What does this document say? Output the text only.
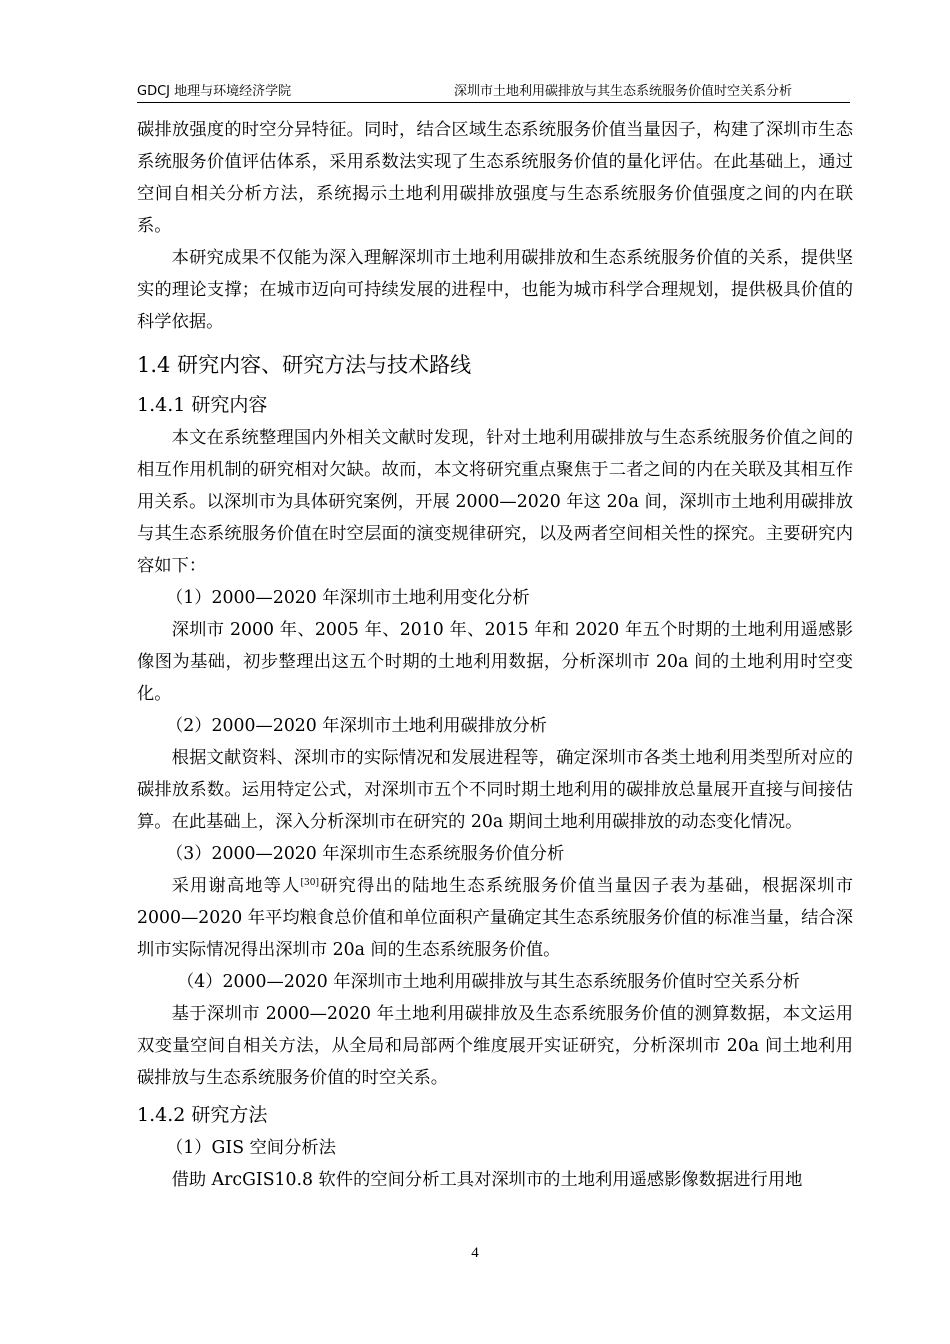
GDCJ 地理与环境经济学院	深圳市土地利用碳排放与其生态系统服务价值时空关系分析

碳排放强度的时空分异特征。同时，结合区域生态系统服务价值当量因子，构建了深圳市生态系统服务价值评估体系，采用系数法实现了生态系统服务价值的量化评估。在此基础上，通过空间自相关分析方法，系统揭示土地利用碳排放强度与生态系统服务价值强度之间的内在联系。

本研究成果不仅能为深入理解深圳市土地利用碳排放和生态系统服务价值的关系，提供坚实的理论支撑；在城市迈向可持续发展的进程中，也能为城市科学合理规划，提供极具价值的科学依据。

1.4 研究内容、研究方法与技术路线
1.4.1 研究内容

本文在系统整理国内外相关文献时发现，针对土地利用碳排放与生态系统服务价值之间的相互作用机制的研究相对欠缺。故而，本文将研究重点聚焦于二者之间的内在关联及其相互作用关系。以深圳市为具体研究案例，开展 2000—2020 年这 20a 间，深圳市土地利用碳排放与其生态系统服务价值在时空层面的演变规律研究，以及两者空间相关性的探究。主要研究内容如下：

（1）2000—2020 年深圳市土地利用变化分析

深圳市 2000 年、2005 年、2010 年、2015 年和 2020 年五个时期的土地利用遥感影像图为基础，初步整理出这五个时期的土地利用数据，分析深圳市 20a 间的土地利用时空变化。

（2）2000—2020 年深圳市土地利用碳排放分析

根据文献资料、深圳市的实际情况和发展进程等，确定深圳市各类土地利用类型所对应的碳排放系数。运用特定公式，对深圳市五个不同时期土地利用的碳排放总量展开直接与间接估算。在此基础上，深入分析深圳市在研究的 20a 期间土地利用碳排放的动态变化情况。

（3）2000—2020 年深圳市生态系统服务价值分析

采用谢高地等人[30]研究得出的陆地生态系统服务价值当量因子表为基础，根据深圳市 2000—2020 年平均粮食总价值和单位面积产量确定其生态系统服务价值的标准当量，结合深圳市实际情况得出深圳市 20a 间的生态系统服务价值。

（4）2000—2020 年深圳市土地利用碳排放与其生态系统服务价值时空关系分析

基于深圳市 2000—2020 年土地利用碳排放及生态系统服务价值的测算数据，本文运用双变量空间自相关方法，从全局和局部两个维度展开实证研究，分析深圳市 20a 间土地利用碳排放与生态系统服务价值的时空关系。

1.4.2 研究方法

（1）GIS 空间分析法

借助 ArcGIS10.8 软件的空间分析工具对深圳市的土地利用遥感影像数据进行用地

4
